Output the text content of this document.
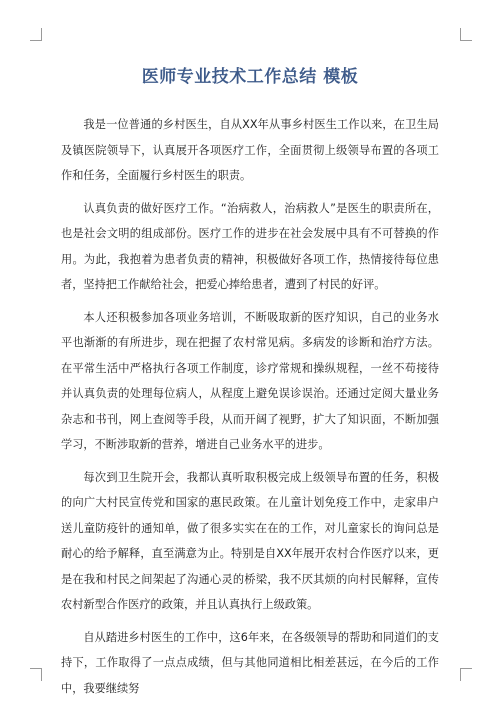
医师专业技术工作总结 模板

我是一位普通的乡村医生，自从XX年从事乡村医生工作以来，在卫生局及镇医院领导下，认真展开各项医疗工作，全面贯彻上级领导布置的各项工作和任务，全面履行乡村医生的职责。

认真负责的做好医疗工作。“治病救人，治病救人”是医生的职责所在，也是社会文明的组成部份。医疗工作的进步在社会发展中具有不可替换的作用。为此，我抱着为患者负责的精神，积极做好各项工作，热情接待每位患者，坚持把工作献给社会，把爱心捧给患者，遭到了村民的好评。

本人还积极参加各项业务培训，不断吸取新的医疗知识，自己的业务水平也渐渐的有所进步，现在把握了农村常见病。多病发的诊断和治疗方法。在平常生活中严格执行各项工作制度，诊疗常规和操纵规程，一丝不苟接待并认真负责的处理每位病人，从程度上避免误诊误治。还通过定阅大量业务杂志和书刊，网上查阅等手段，从而开阔了视野，扩大了知识面，不断加强学习，不断涉取新的营养，增进自己业务水平的进步。

每次到卫生院开会，我都认真听取积极完成上级领导布置的任务，积极的向广大村民宣传党和国家的惠民政策。在儿童计划免疫工作中，走家串户送儿童防疫针的通知单，做了很多实实在在的工作，对儿童家长的询问总是耐心的给予解释，直至满意为止。特别是自XX年展开农村合作医疗以来，更是在我和村民之间架起了沟通心灵的桥梁，我不厌其烦的向村民解释，宣传农村新型合作医疗的政策，并且认真执行上级政策。

自从踏进乡村医生的工作中，这6年来，在各级领导的帮助和同道们的支持下，工作取得了一点点成绩，但与其他同道相比相差甚远，在今后的工作中，我要继续努
